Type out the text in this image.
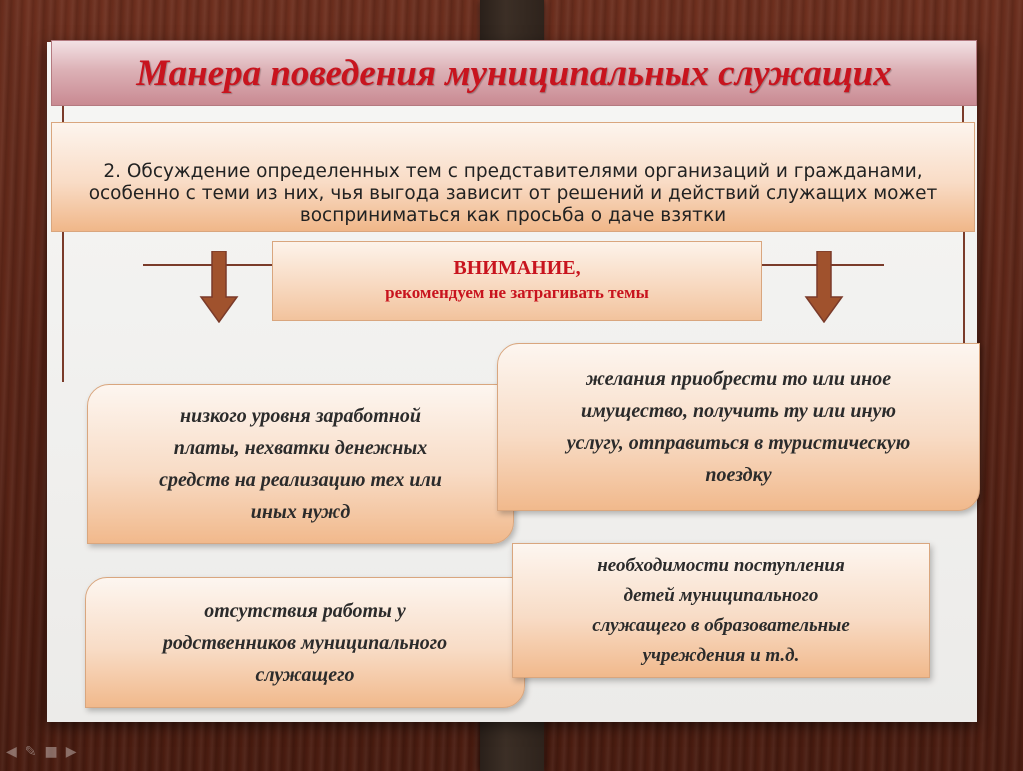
Манера поведения муниципальных служащих
2. Обсуждение определенных тем с представителями организаций и гражданами, особенно с теми из них, чья выгода зависит от решений и действий служащих может восприниматься как просьба о даче взятки
ВНИМАНИЕ,
рекомендуем не затрагивать темы
низкого уровня заработной
платы, нехватки денежных
средств на реализацию тех или
иных нужд
желания приобрести то или иное
имущество, получить ту или иную
услугу, отправиться в туристическую
поездку
отсутствия работы у
родственников муниципального
служащего
необходимости поступления
детей муниципального
служащего в образовательные
учреждения и т.д.
◀ ✎ ■ ▶
